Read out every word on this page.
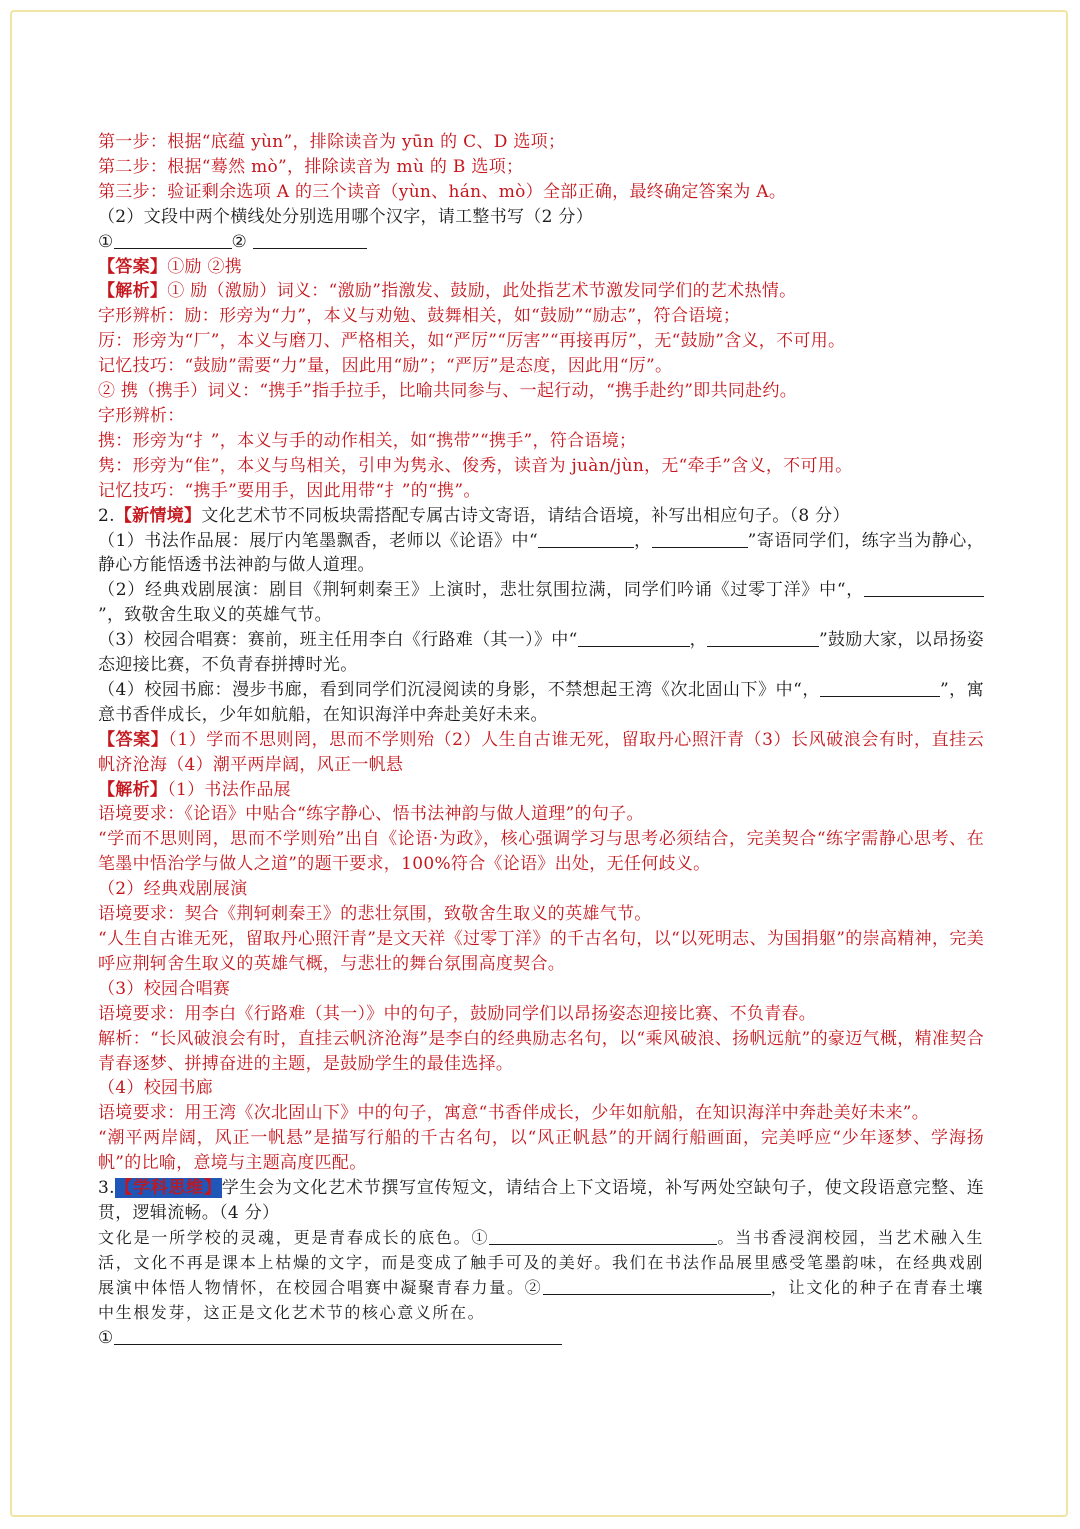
第一步：根据“底蕴 yùn”，排除读音为 yūn 的 C、D 选项；

第二步：根据“蓦然 mò”，排除读音为 mù 的 B 选项；

第三步：验证剩余选项 A 的三个读音（yùn、hán、mò）全部正确，最终确定答案为 A。

（2）文段中两个横线处分别选用哪个汉字，请工整书写（2 分）

①	②

【答案】①励 ②携

【解析】① 励（激励）词义：“激励”指激发、鼓励，此处指艺术节激发同学们的艺术热情。

字形辨析：励：形旁为“力”，本义与劝勉、鼓舞相关，如“鼓励”“励志”，符合语境；

厉：形旁为“厂”，本义与磨刀、严格相关，如“严厉”“厉害”“再接再厉”，无“鼓励”含义，不可用。

记忆技巧：“鼓励”需要“力”量，因此用“励”；“严厉”是态度，因此用“厉”。

② 携（携手）词义：“携手”指手拉手，比喻共同参与、一起行动，“携手赴约”即共同赴约。

字形辨析：

携：形旁为“扌”，本义与手的动作相关，如“携带”“携手”，符合语境；

隽：形旁为“隹”，本义与鸟相关，引申为隽永、俊秀，读音为 juàn/jùn，无“牵手”含义，不可用。

记忆技巧：“携手”要用手，因此用带“扌”的“携”。

2.【新情境】文化艺术节不同板块需搭配专属古诗文寄语，请结合语境，补写出相应句子。（8 分）

（1）书法作品展：展厅内笔墨飘香，老师以《论语》中“	，	”寄语同学们，练字当为静心，静心方能悟透书法神韵与做人道理。

（2）经典戏剧展演：剧目《荆轲刺秦王》上演时，悲壮氛围拉满，同学们吟诵《过零丁洋》中“，”，致敬舍生取义的英雄气节。

（3）校园合唱赛：赛前，班主任用李白《行路难（其一）》中“	，	”鼓励大家，以昂扬姿态迎接比赛，不负青春拼搏时光。

（4）校园书廊：漫步书廊，看到同学们沉浸阅读的身影，不禁想起王湾《次北固山下》中“，	”，寓意书香伴成长，少年如航船，在知识海洋中奔赴美好未来。

【答案】（1）学而不思则罔，思而不学则殆（2）人生自古谁无死，留取丹心照汗青（3）长风破浪会有时，直挂云帆济沧海（4）潮平两岸阔，风正一帆悬

【解析】（1）书法作品展

语境要求：《论语》中贴合“练字静心、悟书法神韵与做人道理”的句子。

“学而不思则罔，思而不学则殆”出自《论语·为政》，核心强调学习与思考必须结合，完美契合“练字需静心思考、在笔墨中悟治学与做人之道”的题干要求，100%符合《论语》出处，无任何歧义。

（2）经典戏剧展演

语境要求：契合《荆轲刺秦王》的悲壮氛围，致敬舍生取义的英雄气节。

“人生自古谁无死，留取丹心照汗青”是文天祥《过零丁洋》的千古名句，以“以死明志、为国捐躯”的崇高精神，完美呼应荆轲舍生取义的英雄气概，与悲壮的舞台氛围高度契合。

（3）校园合唱赛

语境要求：用李白《行路难（其一）》中的句子，鼓励同学们以昂扬姿态迎接比赛、不负青春。

解析：“长风破浪会有时，直挂云帆济沧海”是李白的经典励志名句，以“乘风破浪、扬帆远航”的豪迈气概，精准契合青春逐梦、拼搏奋进的主题，是鼓励学生的最佳选择。

（4）校园书廊

语境要求：用王湾《次北固山下》中的句子，寓意“书香伴成长，少年如航船，在知识海洋中奔赴美好未来”。

“潮平两岸阔，风正一帆悬”是描写行船的千古名句，以“风正帆悬”的开阔行船画面，完美呼应“少年逐梦、学海扬帆”的比喻，意境与主题高度匹配。

3.【学科思维】学生会为文化艺术节撰写宣传短文，请结合上下文语境，补写两处空缺句子，使文段语意完整、连贯，逻辑流畅。（4 分）

文化是一所学校的灵魂，更是青春成长的底色。①	。当书香浸润校园，当艺术融入生活，文化不再是课本上枯燥的文字，而是变成了触手可及的美好。我们在书法作品展里感受笔墨韵味，在经典戏剧展演中体悟人物情怀，在校园合唱赛中凝聚青春力量。②	，让文化的种子在青春土壤中生根发芽，这正是文化艺术节的核心意义所在。

①
